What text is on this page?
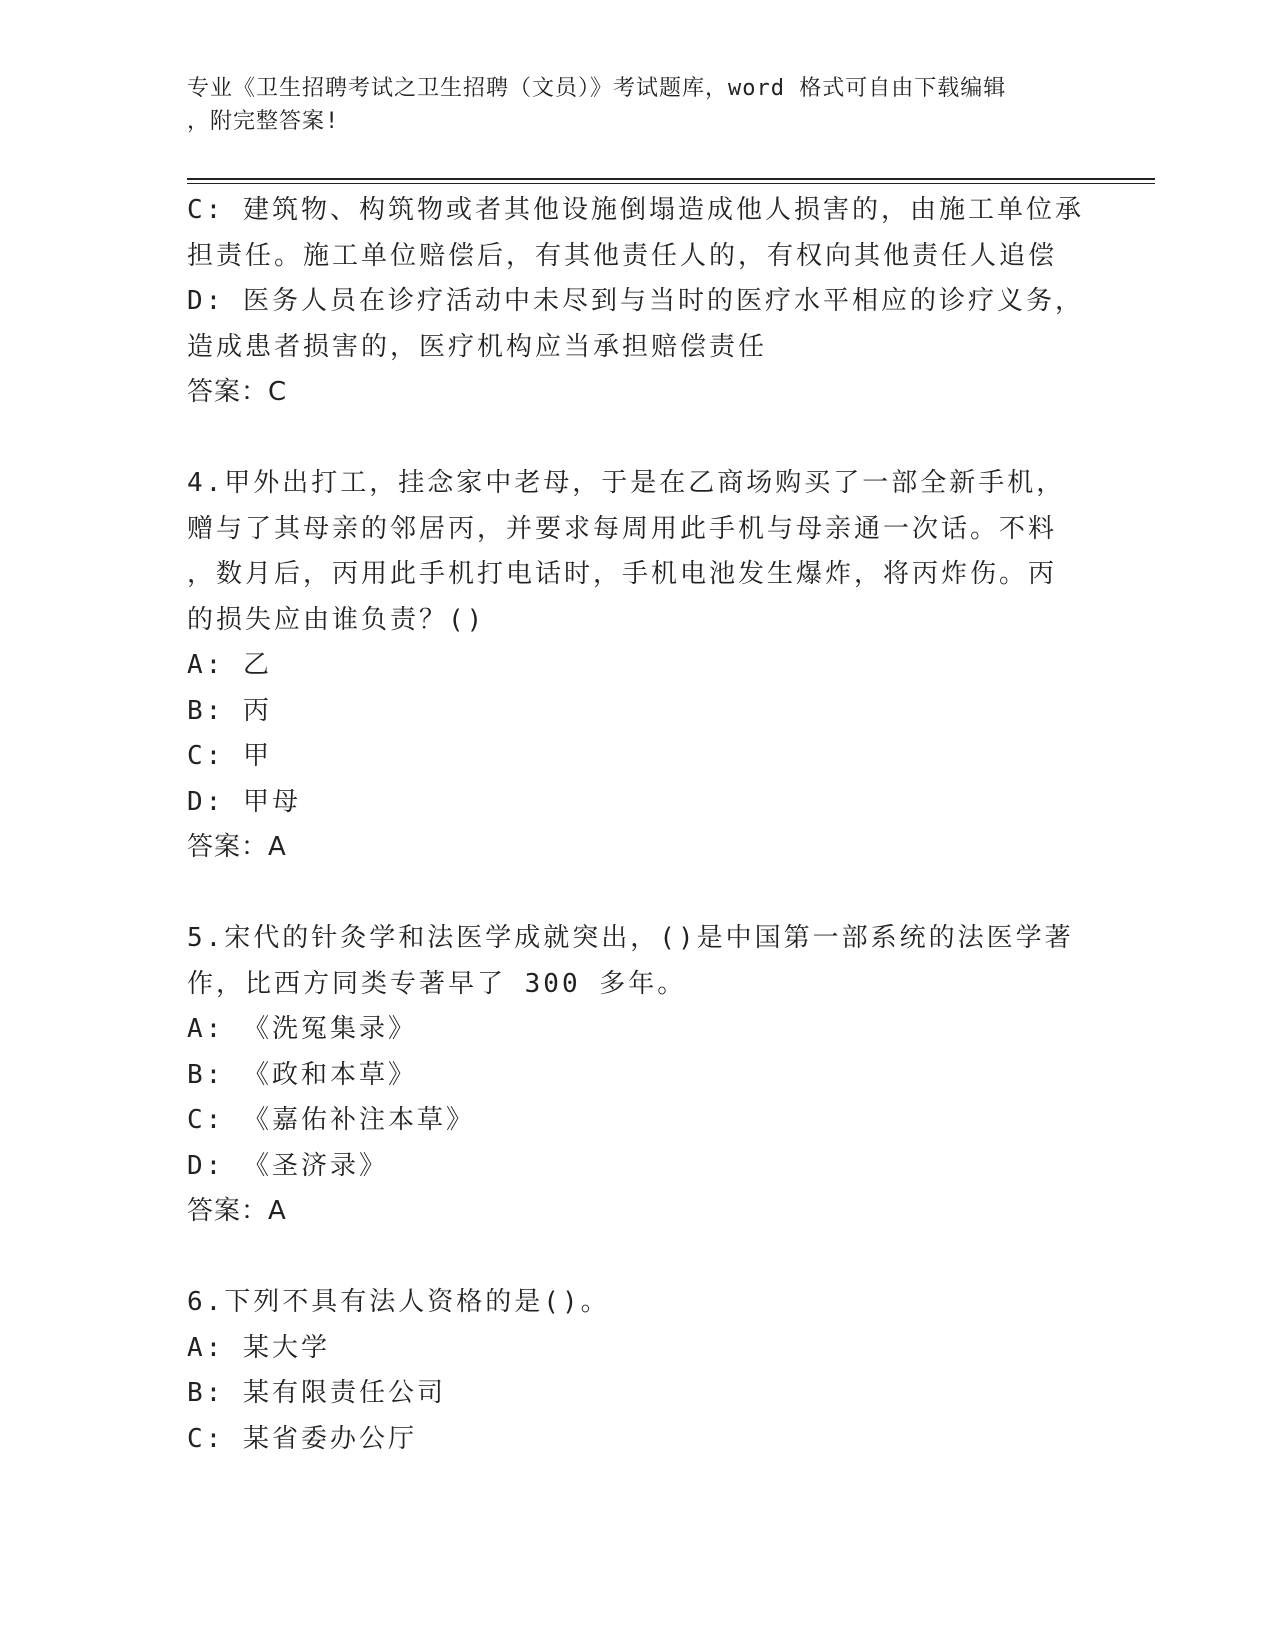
专业《卫生招聘考试之卫生招聘（文员）》考试题库，word 格式可自由下载编辑
，附完整答案!
C: 建筑物、构筑物或者其他设施倒塌造成他人损害的，由施工单位承
担责任。施工单位赔偿后，有其他责任人的，有权向其他责任人追偿
D: 医务人员在诊疗活动中未尽到与当时的医疗水平相应的诊疗义务，
造成患者损害的，医疗机构应当承担赔偿责任
答案：C
4.甲外出打工，挂念家中老母，于是在乙商场购买了一部全新手机，
赠与了其母亲的邻居丙，并要求每周用此手机与母亲通一次话。不料
，数月后，丙用此手机打电话时，手机电池发生爆炸，将丙炸伤。丙
的损失应由谁负责？()
A: 乙
B: 丙
C: 甲
D: 甲母
答案：A
5.宋代的针灸学和法医学成就突出，()是中国第一部系统的法医学著
作，比西方同类专著早了 300 多年。
A: 《洗冤集录》
B: 《政和本草》
C: 《嘉佑补注本草》
D: 《圣济录》
答案：A
6.下列不具有法人资格的是()。
A: 某大学
B: 某有限责任公司
C: 某省委办公厅
